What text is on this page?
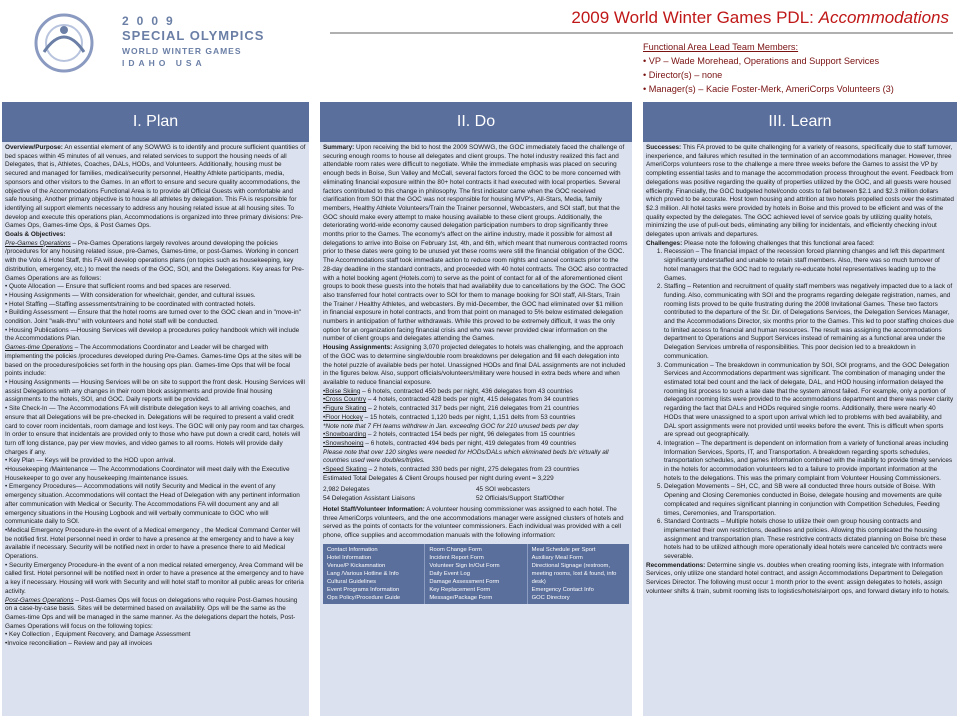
2009
SPECIAL OLYMPICS
WORLD WINTER GAMES
IDAHO USA
2009 World Winter Games PDL: Accommodations
Functional Area Lead Team Members:
• VP – Wade Morehead, Operations and Support Services
• Director(s) – none
• Manager(s) – Kacie Foster-Merk, AmeriCorps Volunteers (3)
I. Plan	II. Do	III. Learn
Overview/Purpose: An essential element of any SOWWG is to identify and procure sufficient quantities of bed spaces within 45 minutes of all venues, and related services to support the housing needs of all Delegates, that is, Athletes, Coaches, DALs, HODs, and Volunteers. Additionally, housing must be secured and managed for families, medical/security personnel, Healthy Athlete participants, media, sponsors and other visitors to the Games. In an effort to ensure and secure quality accommodations, the objective of the Accommodations Functional Area is to provide all Official Guests with comfortable and safe housing. Another primary objective is to house all athletes by delegation. This FA is responsible for identifying all support elements necessary to address any housing related issue at all housing sites. To develop and execute this operations plan, Accommodations is organized into three primary divisions: Pre-Games Ops, Games-time Ops, & Post Games Ops.
Goals & Objectives:
Pre-Games Operations – Pre-Games Operations largely revolves around developing the policies /procedures for any housing related issue, pre-Games, Games-time, or post-Games. Working in concert with the Volo & Hotel Staff, this FA will develop operations plans (on topics such as housekeeping, key distribution, emergency, etc.) to meet the needs of the GOC, SOI, and the Delegations. Key areas for Pre-Games Operations are as follows:
• Quote Allocation — Ensure that sufficient rooms and bed spaces are reserved.
• Housing Assignments — With consideration for wheelchair, gender, and cultural issues.
• Hotel Staffing —Staffing assessments/training to be coordinated with contracted hotels.
• Building Assessment — Ensure that the hotel rooms are turned over to the GOC clean and in "move-in" condition. Joint "walk-thru" with volunteers and hotel staff will be conducted.
• Housing Publications —Housing Services will develop a procedures policy handbook which will include the Accommodations Plan.
Games-time Operations – The Accommodations Coordinator and Leader will be charged with implementing the policies /procedures developed during Pre-Games. Games-time Ops at the sites will be based on the procedures/policies set forth in the housing ops plan. Games-time Ops that will be focal points include:
• Housing Assignments — Housing Services will be on site to support the front desk. Housing Services will assist Delegations with any changes in their room block assignments and provide final housing assignments to the hotels, SOI, and GOC. Daily reports will be provided.
• Site Check-In — The Accommodations FA will distribute delegation keys to all arriving coaches, and ensure that all Delegations will be pre-checked in. Delegations will be required to present a valid credit card to cover room incidentals, room damage and lost keys. The GOC will only pay room and tax charges. In order to ensure that incidentals are provided only to those who have put down a credit card, hotels will turn off long distance, pay per view movies, and video games to all rooms. Hotels will provide daily charges if any.
• Key Plan — Keys will be provided to the HOD upon arrival.
•Housekeeping /Maintenance — The Accommodations Coordinator will meet daily with the Executive Housekeeper to go over any housekeeping /maintenance issues.
• Emergency Procedures— Accommodations will notify Security and Medical in the event of any emergency situation. Accommodations will contact the Head of Delegation with any pertinent information after communication with Medical or Security. The Accommodations FA will document any and all emergency situations in the Housing Logbook and will verbally communicate to GOC who will communicate daily to SOI.
•Medical Emergency Procedure-in the event of a Medical emergency , the Medical Command Center will be notified first. Hotel personnel need in order to have a presence at the emergency and to have a key available if necessary. Security will be notified next in order to have a presence there to aid Medical Operations.
• Security Emergency Procedure-in the event of a non medical related emergency, Area Command will be called first. Hotel personnel will be notified next in order to have a presence at the emergency and to have a key if necessary. Housing will work with Security and will hotel staff to monitor all public areas for criteria activity.
Post-Games Operations – Post-Games Ops will focus on delegations who require Post-Games housing on a case-by-case basis. Sites will be determined based on availability. Ops will be the same as the Games-time Ops and will be managed in the same manner. As the delegations depart the hotels, Post-Games Operations will focus on the following topics:
• Key Collection , Equipment Recovery, and Damage Assessment
•Invoice reconciliation – Review and pay all invoices
Summary: Upon receiving the bid to host the 2009 SOWWG, the GOC immediately faced the challenge of securing enough rooms to house all delegates and client groups. The hotel industry realized this fact and attendable room rates were difficult to negotiate. While the immediate emphasis was placed on securing enough beds in Boise, Sun Valley and McCall, several factors forced the GOC to be more concerned with eliminating financial exposure within the 80+ hotel contracts it had executed with local properties. Several factors contributed to this change in philosophy. The first indicator came when the GOC received clarification from SOI that the GOC was not responsible for housing MVP's, All-Stars, Media, family members, Healthy Athlete Volunteers/Train the Trainer personnel, Webcasters, and SOI staff, but that the GOC should make every attempt to make housing available to these client groups. Additionally, the deteriorating world-wide economy caused delegation participation numbers to drop significantly three months prior to the Games. The economy's affect on the airline industry, made it possible for almost all delegations to arrive into Boise on February 1st, 4th, and 6th, which meant that numerous contracted rooms prior to these dates were going to be unused yet these rooms were still the financial obligation of the GOC. The Accommodations staff took immediate action to reduce room nights and cancel contracts prior to the 28-day deadline in the standard contracts, and proceeded with 40 hotel contracts. The GOC also contracted with a hotel booking agent (Hotels.com) to serve as the point of contact for all of the aforementioned client groups to book these guests into the hotels that had availability due to cancellations by the GOC. The GOC also transferred four hotel contracts over to SOI for them to manage booking for SOI staff, All-Stars, Train the Trainer / Healthy Athletes, and webcasters. By mid-December, the GOC had eliminated over $1 million in financial exposure in hotel contracts, and from that point on managed to 5% below estimated delegation numbers in anticipation of further withdrawals. While this proved to be extremely difficult, it was the only option for an organization facing financial crisis and who was never provided clear information on the number of client groups and delegates attending the Games.
Housing Assignments: Assigning 3,070 projected delegates to hotels was challenging, and the approach of the GOC was to determine single/double room breakdowns per delegation and fill each delegation into the hotel puzzle of available beds per hotel. Unassigned HODs and final DAL assignments are not included in the figures below. Also, support officials/volunteers/military were housed in extra beds where and when available to reduce financial exposure.
•Boise Skiing – 6 hotels, contracted 450 beds per night, 436 delegates from 43 countries
•Cross Country – 4 hotels, contracted 428 beds per night, 415 delegates from 34 countries
•Figure Skating – 2 hotels, contracted 317 beds per night, 216 delegates from 21 countries
•Floor Hockey – 15 hotels, contracted 1,120 beds per night, 1,151 delts from 53 countries
*Note note that 7 FH teams withdrew in Jan. exceeding GOC for 210 unused beds per day
•Snowboarding – 2 hotels, contracted 154 beds per night, 96 delegates from 15 countries
•Snowshoeing – 6 hotels, contracted 494 beds per night, 419 delegates from 49 countries
Please note that over 120 singles were needed for HODs/DALs which eliminated beds b/c virtually all countries used were doubles/triples.
•Speed Skating – 2 hotels, contracted 330 beds per night, 275 delegates from 23 countries
Estimated Total Delegates & Client Groups housed per night during event = 3,229
2,982 Delegates
54 Delegation Assistant Liaisons
45 SOI webcasters
52 Officials/Support Staff/Other
Hotel Staff/Volunteer Information: A volunteer housing commissioner was assigned to each hotel. The three AmeriCorps volunteers, and the one accommodations manager were assigned clusters of hotels and served as the points of contacts for the volunteer commissioners. Each individual was provided with a cell phone, office supplies and accommodation manuals with the following information:
Contact Information
Hotel Information
Venue/P Kickamnation
Lang /Various Hotline & Info
Cultural Guidelines
Event Programs Information
Ops Policy/Procedure Guide
Room Change Form
Incident Report Form
Volunteer Sign In/Out Form
Daily Event Log
Damage Assessment Form
Key Replacement Form
Message/Package Form
Meal Schedule per Sport
Auxiliary Meal Form
Directional Signage (restroom, meeting rooms, lost & found, info desk)
Emergency Contact Info
GOC Directory
Successes: This FA proved to be quite challenging for a variety of reasons, specifically due to staff turnover, inexperience, and failures which resulted in the termination of an accommodations manager. However, three AmeriCorps volunteers rose to the challenge a mere three weeks before the Games to assist the VP by completing essential tasks and to manage the accommodation process throughout the event. Feedback from delegations was positive regarding the quality of properties utilized by the GOC, and all guests were housed efficiently. Financially, the GOC budgeted hotel/condo costs to fall between $2.1 and $2.3 million dollars which proved to be accurate. Host town housing and attrition at two hotels propelled costs over the estimated $2.3 million. All hotel tasks were provided by hotels in Boise and this proved to be efficient and was of the quality expected by the delegates. The GOC achieved level of service goals by utilizing quality hotels, minimizing the use of pull-out beds, eliminating any billing for incidentals, and efficiently checking in/out delegates upon arrivals and departures.
Challenges: Please note the following challenges that this functional area faced:
1. Recession – The financial impact of the recession forced planning changes and left this department significantly understaffed and unable to retain staff members. Also, there was so much turnover of hotel managers that the GOC had to regularly re-educate hotel representatives leading up to the Games.
2. Staffing – Retention and recruitment of quality staff members was negatively impacted due to a lack of funding. Also, communicating with SOI and the programs regarding delegate registration, names, and rooming lists proved to be quite frustrating during the 2008 Invitational Games. These two factors contributed to the departure of the Sr. Dir. of Delegations Services, the Delegation Services Manager, and the Accommodations Director, six months prior to the Games. This led to poor staffing choices due to limited access to financial and human resources. The result was assigning the accommodations department to Operations and Support Services instead of remaining as a functional area under the Delegation Services umbrella of responsibilities. This poor decision led to a breakdown in communication.
3. Communication – The breakdown in communication by SOI, SOI programs, and the GOC Delegation Services and Accommodations department was significant. The combination of managing under the estimated total bed count and the lack of delegate, DAL, and HOD housing information delayed the rooming list process to such a late date that the system almost failed. For example, only a portion of delegation rooming lists were provided to the accommodations department and there was never clarity regarding the fact that DALs and HODs required single rooms. Additionally, there were nearly 40 HODs that were unassigned to a sport upon arrival which led to problems with bed availability, and DAL sport assignments were not provided until weeks before the event. This is difficult when sports are spread out geographically.
4. Integration – The department is dependent on information from a variety of functional areas including Information Services, Sports, IT, and Transportation. A breakdown regarding sports schedules, transportation schedules, and games information combined with the inability to provide timely services in the hotels for accommodation volunteers led to a failure to provide important information at the hotels to the delegations. This was the primary complaint from Volunteer Housing Commissioners.
5. Delegation Movements – SH, CC, and SB were all conducted three hours outside of Boise. With Opening and Closing Ceremonies conducted in Boise, delegate housing and movements are quite complicated and requires significant planning in conjunction with Competition Schedules, Feeding times, Ceremonies, and Transportation.
6. Standard Contracts – Multiple hotels chose to utilize their own group housing contracts and implemented their own restrictions, deadlines and policies. Allowing this complicated the housing assignment and transportation plan. These restrictive contracts dictated planning on Boise b/c these hotels had to be utilized although more operationally ideal hotels were canceled b/c contracts were severable.
Recommendations: Determine single vs. doubles when creating rooming lists, integrate with Information Services, only utilize one standard hotel contract, and assign Accommodations Department to Delegation Services Director. The following must occur 1 month prior to the event: assign delegates to hotels, assign volunteer shifts & train, submit rooming lists to logistics/hotels/airport ops, and forward dietary info to hotels.
